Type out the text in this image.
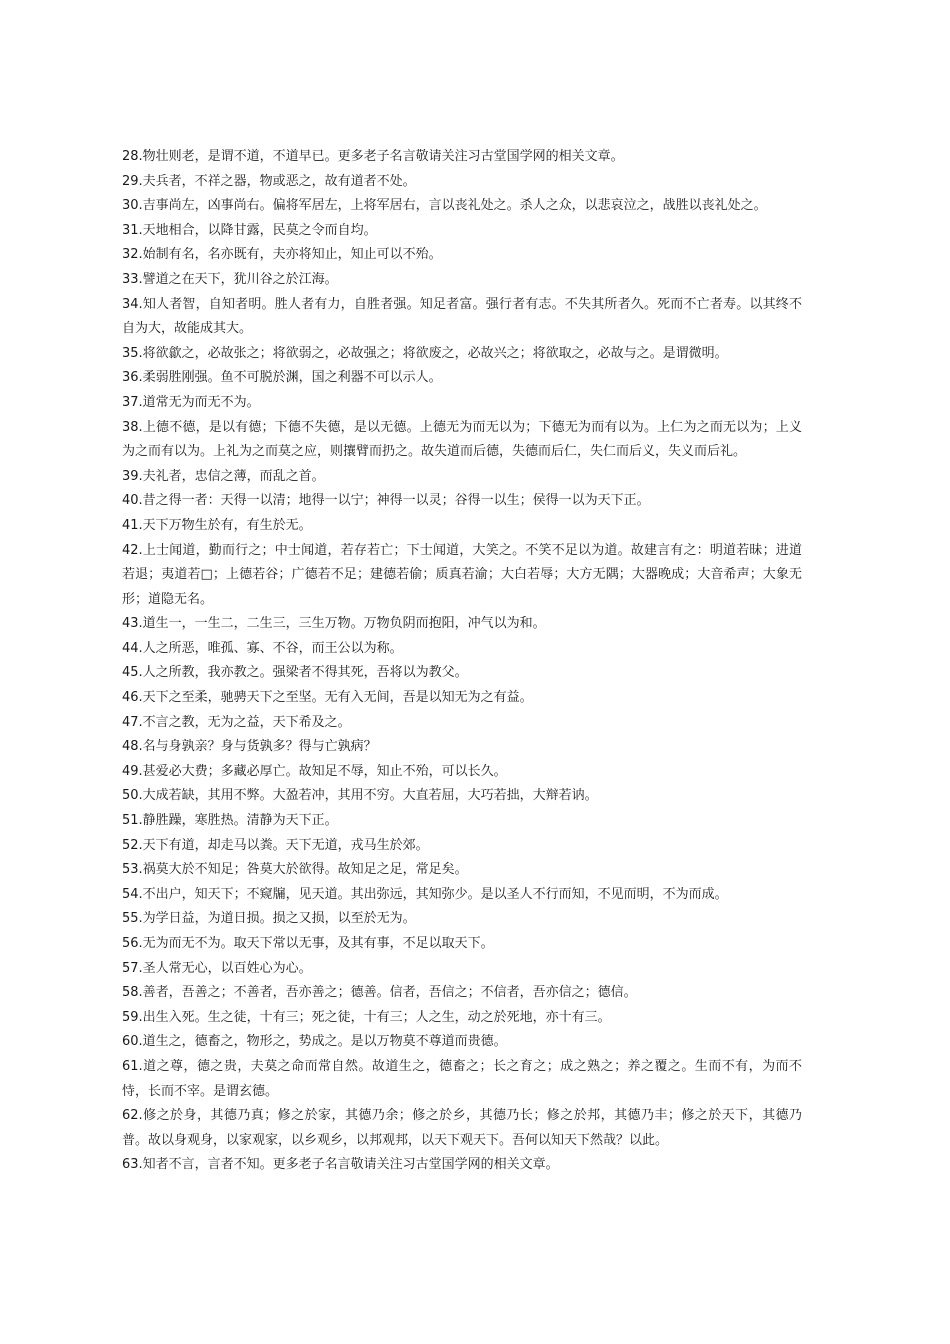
28.物壮则老，是谓不道，不道早已。更多老子名言敬请关注习古堂国学网的相关文章。

29.夫兵者，不祥之器，物或恶之，故有道者不处。

30.吉事尚左，凶事尚右。偏将军居左，上将军居右，言以丧礼处之。杀人之众，以悲哀泣之，战胜以丧礼处之。

31.天地相合，以降甘露，民莫之令而自均。

32.始制有名，名亦既有，夫亦将知止，知止可以不殆。

33.譬道之在天下，犹川谷之於江海。

34.知人者智，自知者明。胜人者有力，自胜者强。知足者富。强行者有志。不失其所者久。死而不亡者寿。以其终不自为大，故能成其大。

35.将欲歙之，必故张之；将欲弱之，必故强之；将欲废之，必故兴之；将欲取之，必故与之。是谓微明。

36.柔弱胜刚强。鱼不可脱於渊，国之利器不可以示人。

37.道常无为而无不为。

38.上德不德，是以有德；下德不失德，是以无德。上德无为而无以为；下德无为而有以为。上仁为之而无以为；上义为之而有以为。上礼为之而莫之应，则攘臂而扔之。故失道而后德，失德而后仁，失仁而后义，失义而后礼。

39.夫礼者，忠信之薄，而乱之首。

40.昔之得一者：天得一以清；地得一以宁；神得一以灵；谷得一以生；侯得一以为天下正。

41.天下万物生於有，有生於无。

42.上士闻道，勤而行之；中士闻道，若存若亡；下士闻道，大笑之。不笑不足以为道。故建言有之：明道若昧；进道若退；夷道若□；上德若谷；广德若不足；建德若偷；质真若渝；大白若辱；大方无隅；大器晚成；大音希声；大象无形；道隐无名。

43.道生一，一生二，二生三，三生万物。万物负阴而抱阳，冲气以为和。

44.人之所恶，唯孤、寡、不谷，而王公以为称。

45.人之所教，我亦教之。强梁者不得其死，吾将以为教父。

46.天下之至柔，驰骋天下之至坚。无有入无间，吾是以知无为之有益。

47.不言之教，无为之益，天下希及之。

48.名与身孰亲？身与货孰多？得与亡孰病？

49.甚爱必大费；多藏必厚亡。故知足不辱，知止不殆，可以长久。

50.大成若缺，其用不弊。大盈若冲，其用不穷。大直若屈，大巧若拙，大辩若讷。

51.静胜躁，寒胜热。清静为天下正。

52.天下有道，却走马以粪。天下无道，戎马生於郊。

53.祸莫大於不知足；咎莫大於欲得。故知足之足，常足矣。

54.不出户，知天下；不窥牖，见天道。其出弥远，其知弥少。是以圣人不行而知，不见而明，不为而成。

55.为学日益，为道日损。损之又损，以至於无为。

56.无为而无不为。取天下常以无事，及其有事，不足以取天下。

57.圣人常无心，以百姓心为心。

58.善者，吾善之；不善者，吾亦善之；德善。信者，吾信之；不信者，吾亦信之；德信。

59.出生入死。生之徒，十有三；死之徒，十有三；人之生，动之於死地，亦十有三。

60.道生之，德畜之，物形之，势成之。是以万物莫不尊道而贵德。

61.道之尊，德之贵，夫莫之命而常自然。故道生之，德畜之；长之育之；成之熟之；养之覆之。生而不有，为而不恃，长而不宰。是谓玄德。

62.修之於身，其德乃真；修之於家，其德乃余；修之於乡，其德乃长；修之於邦，其德乃丰；修之於天下，其德乃普。故以身观身，以家观家，以乡观乡，以邦观邦，以天下观天下。吾何以知天下然哉？以此。

63.知者不言，言者不知。更多老子名言敬请关注习古堂国学网的相关文章。
